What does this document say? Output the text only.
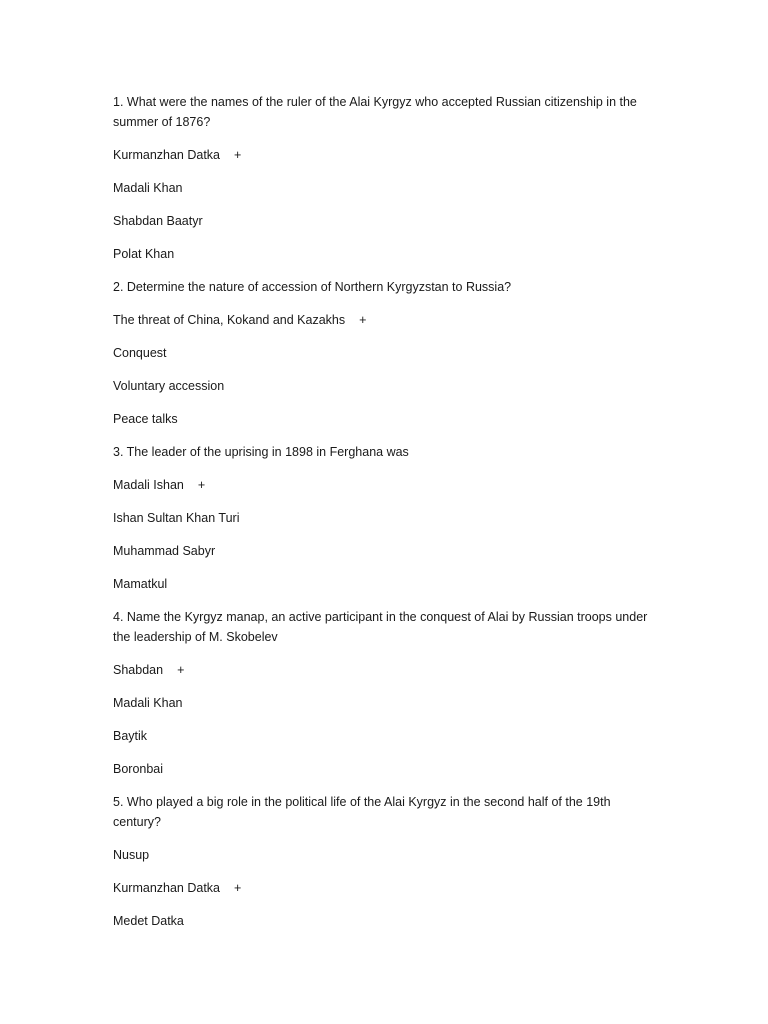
1. What were the names of the ruler of the Alai Kyrgyz who accepted Russian citizenship in the summer of 1876?
Kurmanzhan Datka +
Madali Khan
Shabdan Baatyr
Polat Khan
2. Determine the nature of accession of Northern Kyrgyzstan to Russia?
The threat of China, Kokand and Kazakhs +
Conquest
Voluntary accession
Peace talks
3. The leader of the uprising in 1898 in Ferghana was
Madali Ishan +
Ishan Sultan Khan Turi
Muhammad Sabyr
Mamatkul
4. Name the Kyrgyz manap, an active participant in the conquest of Alai by Russian troops under the leadership of M. Skobelev
Shabdan +
Madali Khan
Baytik
Boronbai
5. Who played a big role in the political life of the Alai Kyrgyz in the second half of the 19th century?
Nusup
Kurmanzhan Datka +
Medet Datka
